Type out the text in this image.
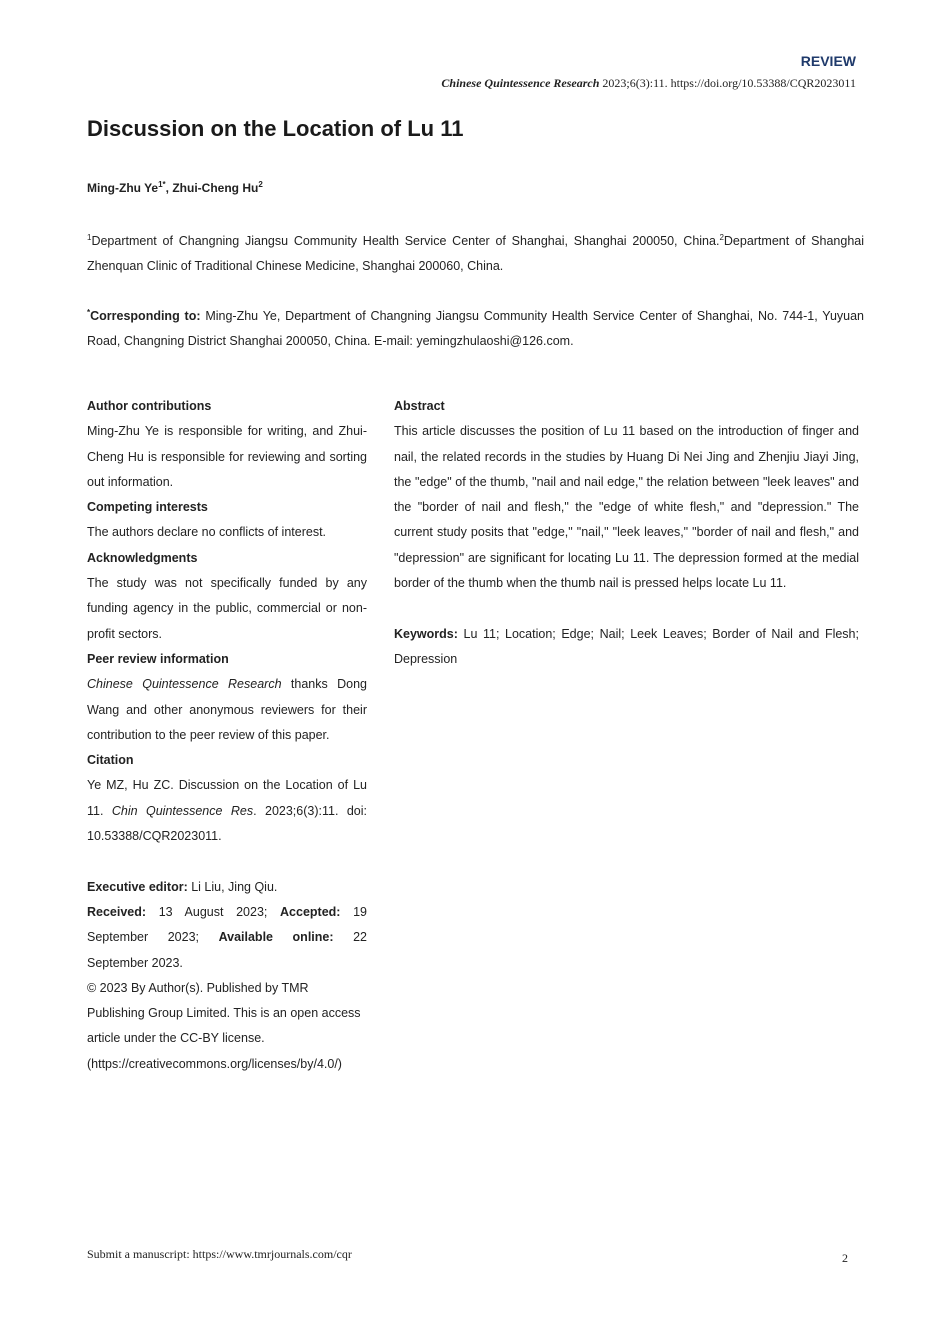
REVIEW
Chinese Quintessence Research 2023;6(3):11. https://doi.org/10.53388/CQR2023011
Discussion on the Location of Lu 11
Ming-Zhu $Ye^{1*}$, Zhui-Cheng Hu$^2$
$^1$Department of Changning Jiangsu Community Health Service Center of Shanghai, Shanghai 200050, China.$^2$Department of Shanghai Zhenquan Clinic of Traditional Chinese Medicine, Shanghai 200060, China.
*Corresponding to: Ming-Zhu Ye, Department of Changning Jiangsu Community Health Service Center of Shanghai, No. 744-1, Yuyuan Road, Changning District Shanghai 200050, China. E-mail: yemingzhulaoshi@126.com.
Author contributions
Ming-Zhu Ye is responsible for writing, and Zhui-Cheng Hu is responsible for reviewing and sorting out information.
Competing interests
The authors declare no conflicts of interest.
Acknowledgments
The study was not specifically funded by any funding agency in the public, commercial or non-profit sectors.
Peer review information
Chinese Quintessence Research thanks Dong Wang and other anonymous reviewers for their contribution to the peer review of this paper.
Citation
Ye MZ, Hu ZC. Discussion on the Location of Lu 11. Chin Quintessence Res. 2023;6(3):11. doi: 10.53388/CQR2023011.
Executive editor: Li Liu, Jing Qiu.
Received: 13 August 2023; Accepted: 19 September 2023; Available online: 22 September 2023.
© 2023 By Author(s). Published by TMR
Publishing Group Limited. This is an open access
article under the CC-BY license.
(https://creativecommons.org/licenses/by/4.0/)
Abstract
This article discusses the position of Lu 11 based on the introduction of finger and nail, the related records in the studies by Huang Di Nei Jing and Zhenjiu Jiayi Jing, the "edge" of the thumb, "nail and nail edge," the relation between "leek leaves" and the "border of nail and flesh," the "edge of white flesh," and "depression." The current study posits that "edge," "nail," "leek leaves," "border of nail and flesh," and "depression" are significant for locating Lu 11. The depression formed at the medial border of the thumb when the thumb nail is pressed helps locate Lu 11.
Keywords: Lu 11; Location; Edge; Nail; Leek Leaves; Border of Nail and Flesh; Depression
Submit a manuscript: https://www.tmrjournals.com/cqr	2
